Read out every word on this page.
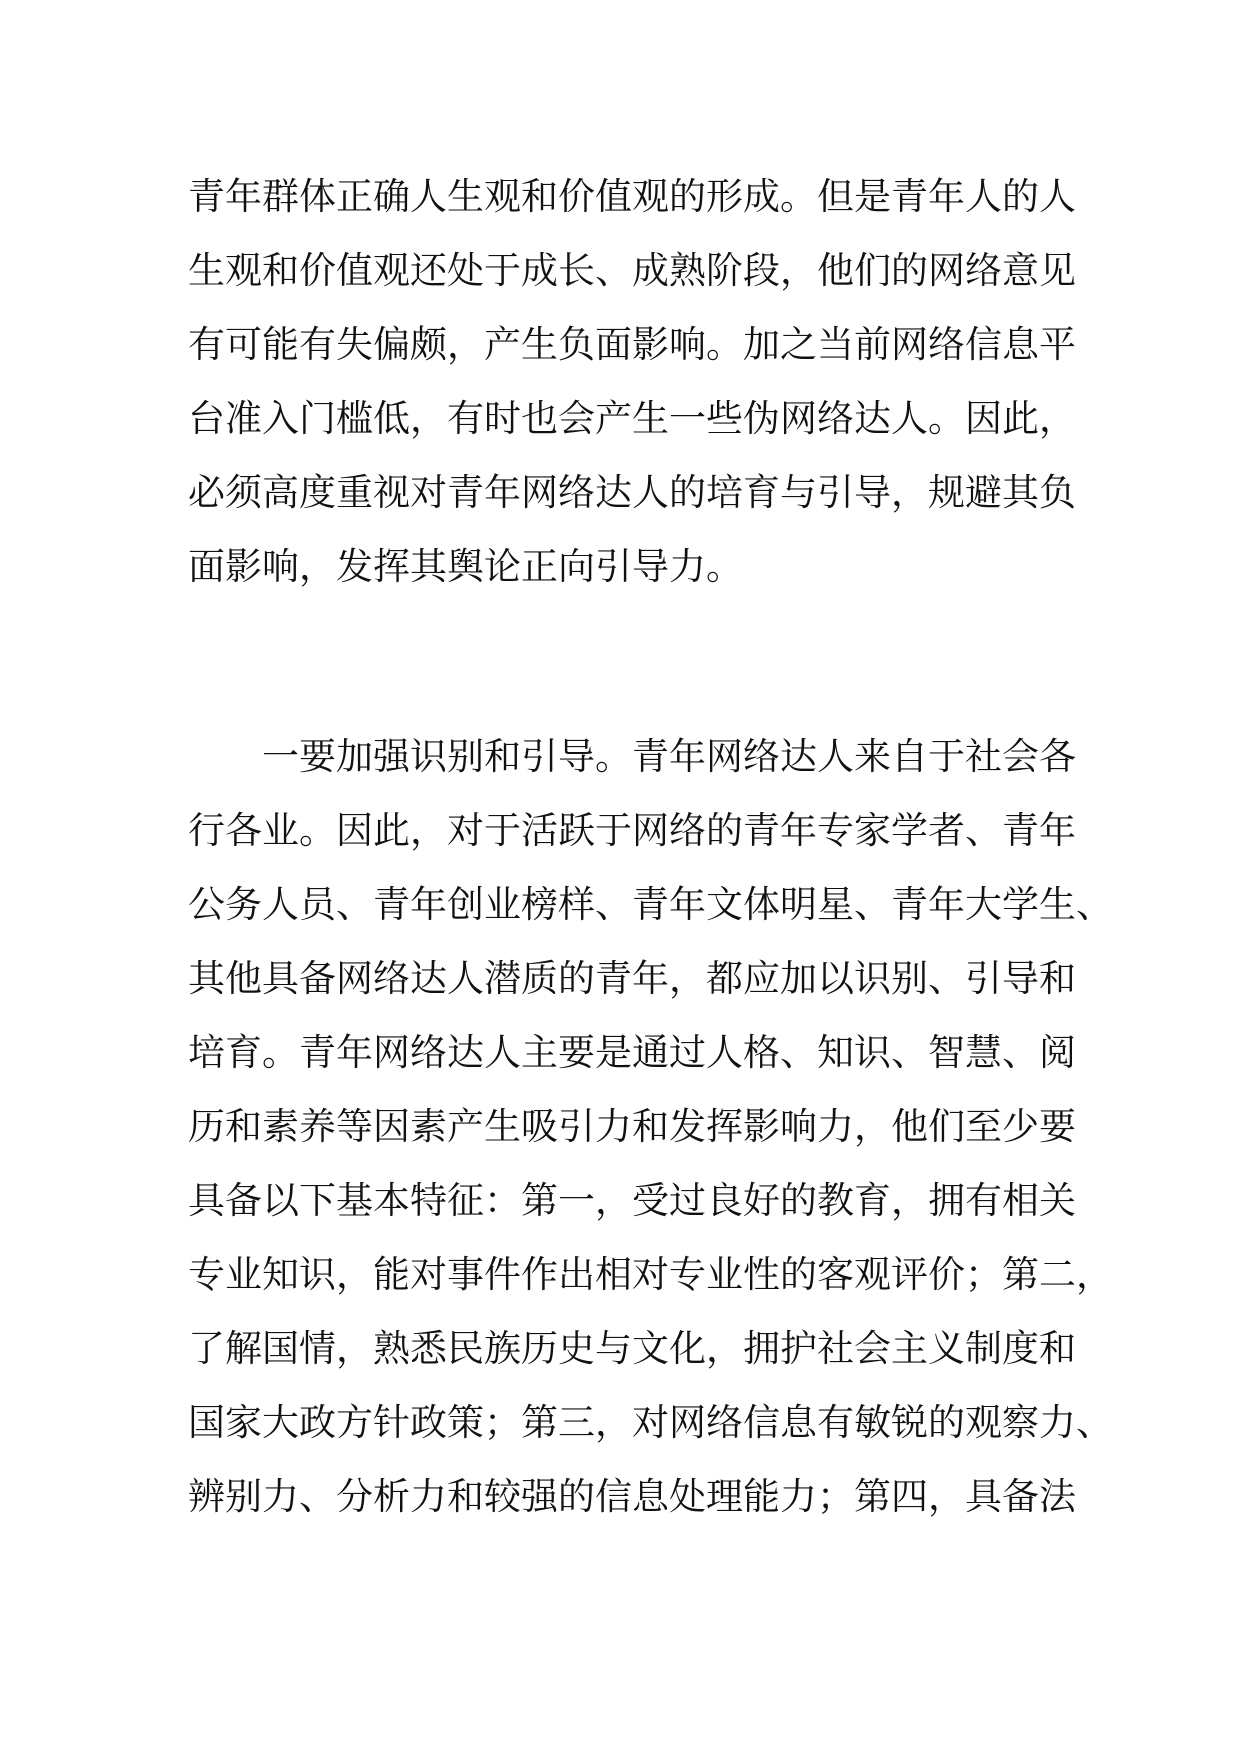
青年群体正确人生观和价值观的形成。但是青年人的人
生观和价值观还处于成长、成熟阶段，他们的网络意见
有可能有失偏颇，产生负面影响。加之当前网络信息平
台准入门槛低，有时也会产生一些伪网络达人。因此，
必须高度重视对青年网络达人的培育与引导，规避其负
面影响，发挥其舆论正向引导力。
一要加强识别和引导。青年网络达人来自于社会各
行各业。因此，对于活跃于网络的青年专家学者、青年
公务人员、青年创业榜样、青年文体明星、青年大学生、
其他具备网络达人潜质的青年，都应加以识别、引导和
培育。青年网络达人主要是通过人格、知识、智慧、阅
历和素养等因素产生吸引力和发挥影响力，他们至少要
具备以下基本特征：第一，受过良好的教育，拥有相关
专业知识，能对事件作出相对专业性的客观评价；第二，
了解国情，熟悉民族历史与文化，拥护社会主义制度和
国家大政方针政策；第三，对网络信息有敏锐的观察力、
辨别力、分析力和较强的信息处理能力；第四，具备法
